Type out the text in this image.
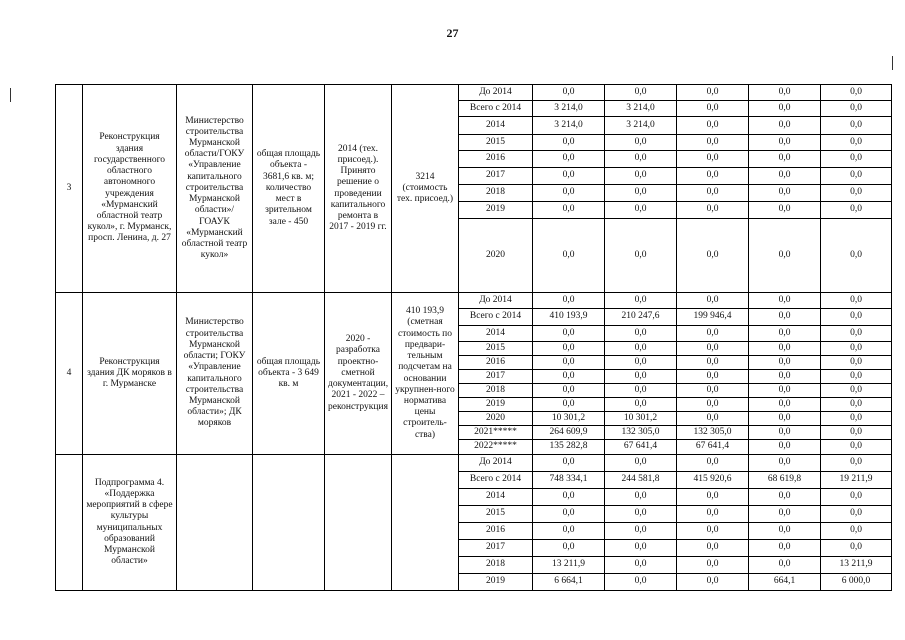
27
3	Реконструкция здания государственного областного автономного учреждения «Мурманский областной театр кукол», г. Мурманск, просп. Ленина, д. 27	Министерство строительства Мурманской области/ГОКУ «Управление капитального строительства Мурманской области»/ ГОАУК «Мурманский областной театр кукол»	общая площадь объекта - 3681,6 кв. м; количество мест в зрительном зале - 450	2014 (тех. присоед.). Принято решение о проведении капитального ремонта в 2017 - 2019 гг.	3214 (стоимость тех. присоед.)	До 2014	0,0	0,0	0,0	0,0	0,0
						Всего с 2014	3 214,0	3 214,0	0,0	0,0	0,0
						2014	3 214,0	3 214,0	0,0	0,0	0,0
						2015	0,0	0,0	0,0	0,0	0,0
						2016	0,0	0,0	0,0	0,0	0,0
						2017	0,0	0,0	0,0	0,0	0,0
						2018	0,0	0,0	0,0	0,0	0,0
						2019	0,0	0,0	0,0	0,0	0,0
						2020	0,0	0,0	0,0	0,0	0,0
4	Реконструкция здания ДК моряков в г. Мурманске	Министерство строительства Мурманской области; ГОКУ «Управление капитального строительства Мурманской области»; ДК моряков	общая площадь объекта - 3 649 кв. м	2020 - разработка проектно-сметной документации, 2021 - 2022 – реконструкция	410 193,9 (сметная стоимость по предвари-тельным подсчетам на основании укрупнен-ного норматива цены строитель-ства)	До 2014	0,0	0,0	0,0	0,0	0,0
						Всего с 2014	410 193,9	210 247,6	199 946,4	0,0	0,0
						2014	0,0	0,0	0,0	0,0	0,0
						2015	0,0	0,0	0,0	0,0	0,0
						2016	0,0	0,0	0,0	0,0	0,0
						2017	0,0	0,0	0,0	0,0	0,0
						2018	0,0	0,0	0,0	0,0	0,0
						2019	0,0	0,0	0,0	0,0	0,0
						2020	10 301,2	10 301,2	0,0	0,0	0,0
						2021*****	264 609,9	132 305,0	132 305,0	0,0	0,0
						2022*****	135 282,8	67 641,4	67 641,4	0,0	0,0
	Подпрограмма 4. «Поддержка мероприятий в сфере культуры муниципальных образований Мурманской области»					До 2014	0,0	0,0	0,0	0,0	0,0
						Всего с 2014	748 334,1	244 581,8	415 920,6	68 619,8	19 211,9
						2014	0,0	0,0	0,0	0,0	0,0
						2015	0,0	0,0	0,0	0,0	0,0
						2016	0,0	0,0	0,0	0,0	0,0
						2017	0,0	0,0	0,0	0,0	0,0
						2018	13 211,9	0,0	0,0	0,0	13 211,9
						2019	6 664,1	0,0	0,0	664,1	6 000,0
